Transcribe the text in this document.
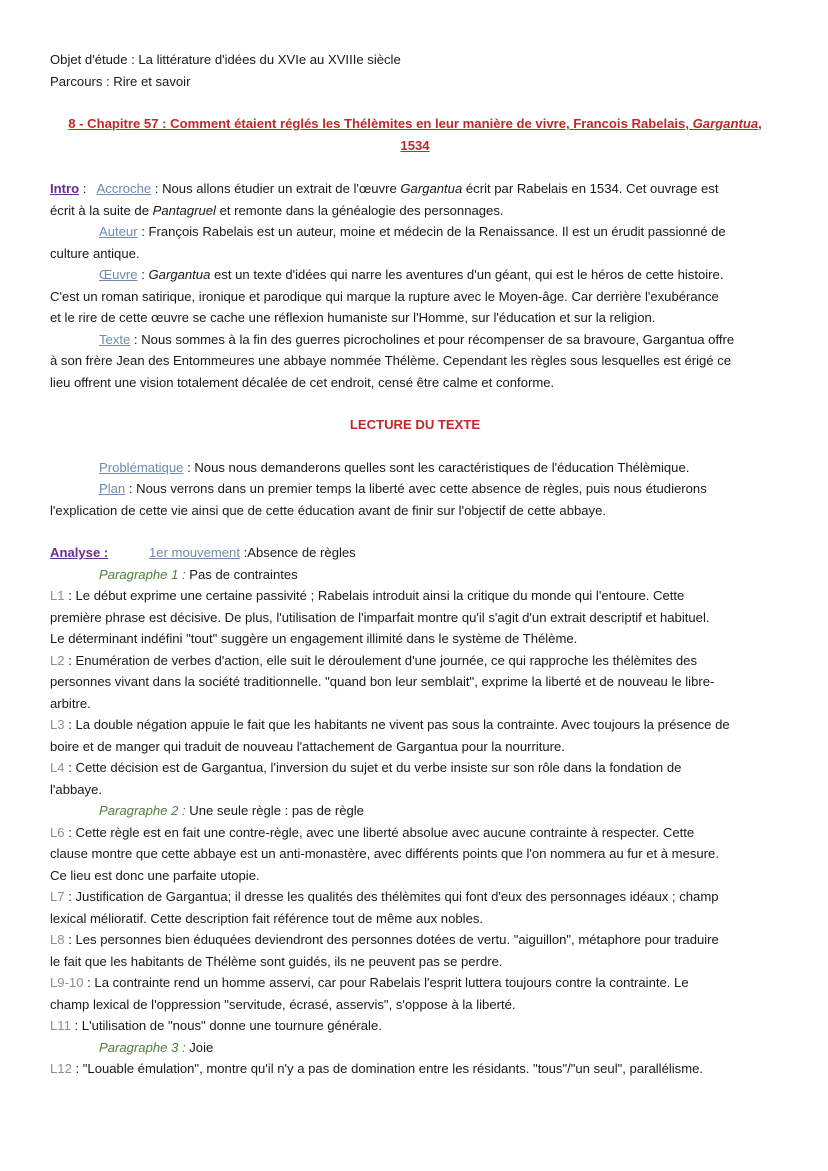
Objet d'étude : La littérature d'idées du XVIe au XVIIIe siècle
Parcours : Rire et savoir
8 - Chapitre 57 : Comment étaient réglés les Thélèmites en leur manière de vivre, Francois Rabelais, Gargantua,
1534
Intro :   Accroche : Nous allons étudier un extrait de l'œuvre Gargantua écrit par Rabelais en 1534. Cet ouvrage est
écrit à la suite de Pantagruel et remonte dans la généalogie des personnages.
Auteur : François Rabelais est un auteur, moine et médecin de la Renaissance. Il est un érudit passionné de
culture antique.
Œuvre : Gargantua est un texte d'idées qui narre les aventures d'un géant, qui est le héros de cette histoire.
C'est un roman satirique, ironique et parodique qui marque la rupture avec le Moyen-âge. Car derrière l'exubérance
et le rire de cette œuvre se cache une réflexion humaniste sur l'Homme, sur l'éducation et sur la religion.
Texte : Nous sommes à la fin des guerres picrocholines et pour récompenser de sa bravoure, Gargantua offre
à son frère Jean des Entommeures une abbaye nommée Thélème. Cependant les règles sous lesquelles est érigé ce
lieu offrent une vision totalement décalée de cet endroit, censé être calme et conforme.
LECTURE DU TEXTE
Problématique : Nous nous demanderons quelles sont les caractéristiques de l'éducation Thélèmique.
Plan : Nous verrons dans un premier temps la liberté avec cette absence de règles, puis nous étudierons
l'explication de cette vie ainsi que de cette éducation avant de finir sur l'objectif de cette abbaye.
Analyse :	1er mouvement :Absence de règles
Paragraphe 1 : Pas de contraintes
L1 : Le début exprime une certaine passivité ; Rabelais introduit ainsi la critique du monde qui l'entoure. Cette
première phrase est décisive. De plus, l'utilisation de l'imparfait montre qu'il s'agit d'un extrait descriptif et habituel.
Le déterminant indéfini "tout" suggère un engagement illimité dans le système de Thélème.
L2 : Enumération de verbes d'action, elle suit le déroulement d'une journée, ce qui rapproche les thélèmites des
personnes vivant dans la société traditionnelle. "quand bon leur semblait", exprime la liberté et de nouveau le libre-
arbitre.
L3 : La double négation appuie le fait que les habitants ne vivent pas sous la contrainte. Avec toujours la présence de
boire et de manger qui traduit de nouveau l'attachement de Gargantua pour la nourriture.
L4 : Cette décision est de Gargantua, l'inversion du sujet et du verbe insiste sur son rôle dans la fondation de
l'abbaye.
Paragraphe 2 : Une seule règle : pas de règle
L6 : Cette règle est en fait une contre-règle, avec une liberté absolue avec aucune contrainte à respecter. Cette
clause montre que cette abbaye est un anti-monastère, avec différents points que l'on nommera au fur et à mesure.
Ce lieu est donc une parfaite utopie.
L7 : Justification de Gargantua; il dresse les qualités des thélèmites qui font d'eux des personnages idéaux ; champ
lexical mélioratif. Cette description fait référence tout de même aux nobles.
L8 : Les personnes bien éduquées deviendront des personnes dotées de vertu. "aiguillon", métaphore pour traduire
le fait que les habitants de Thélème sont guidés, ils ne peuvent pas se perdre.
L9-10 : La contrainte rend un homme asservi, car pour Rabelais l'esprit luttera toujours contre la contrainte. Le
champ lexical de l'oppression "servitude, écrasé, asservis", s'oppose à la liberté.
L11 : L'utilisation de "nous" donne une tournure générale.
Paragraphe 3 : Joie
L12 : "Louable émulation", montre qu'il n'y a pas de domination entre les résidants. "tous"/"un seul", parallélisme.
